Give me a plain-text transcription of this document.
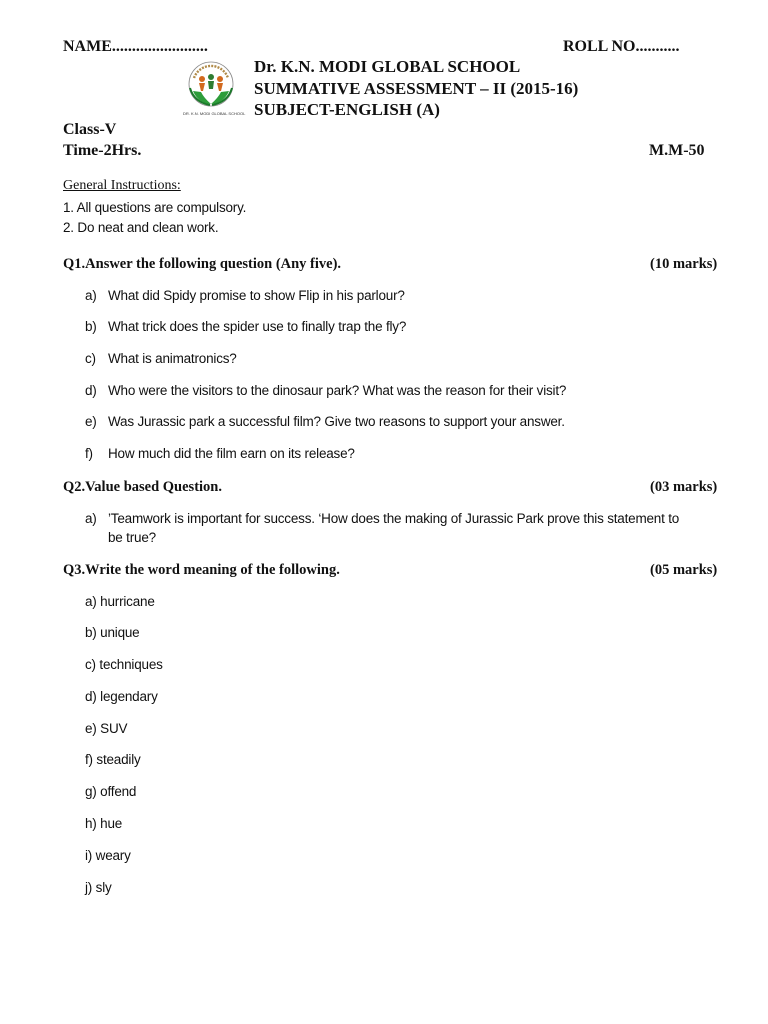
NAME........................	ROLL NO...........
DR. K.N. MODI GLOBAL SCHOOL
Dr. K.N. MODI GLOBAL SCHOOL
SUMMATIVE ASSESSMENT – II (2015-16)
SUBJECT-ENGLISH (A)
Class-V
Time-2Hrs.	M.M-50
General Instructions:
1. All questions are compulsory.
2. Do neat and clean work.
Q1.Answer the following question (Any five).	(10 marks)
a) What did Spidy promise to show Flip in his parlour?
b) What trick does the spider use to finally trap the fly?
c) What is animatronics?
d) Who were the visitors to the dinosaur park? What was the reason for their visit?
e) Was Jurassic park a successful film? Give two reasons to support your answer.
f)	How much did the film earn on its release?
Q2.Value based Question.	(03 marks)
a) ’Teamwork is important for success. ‘How does the making of Jurassic Park prove this statement to
be true?
Q3.Write the word meaning of the following.	(05 marks)
a) hurricane
b) unique
c) techniques
d) legendary
e) SUV
f) steadily
g) offend
h) hue
i) weary
j) sly
